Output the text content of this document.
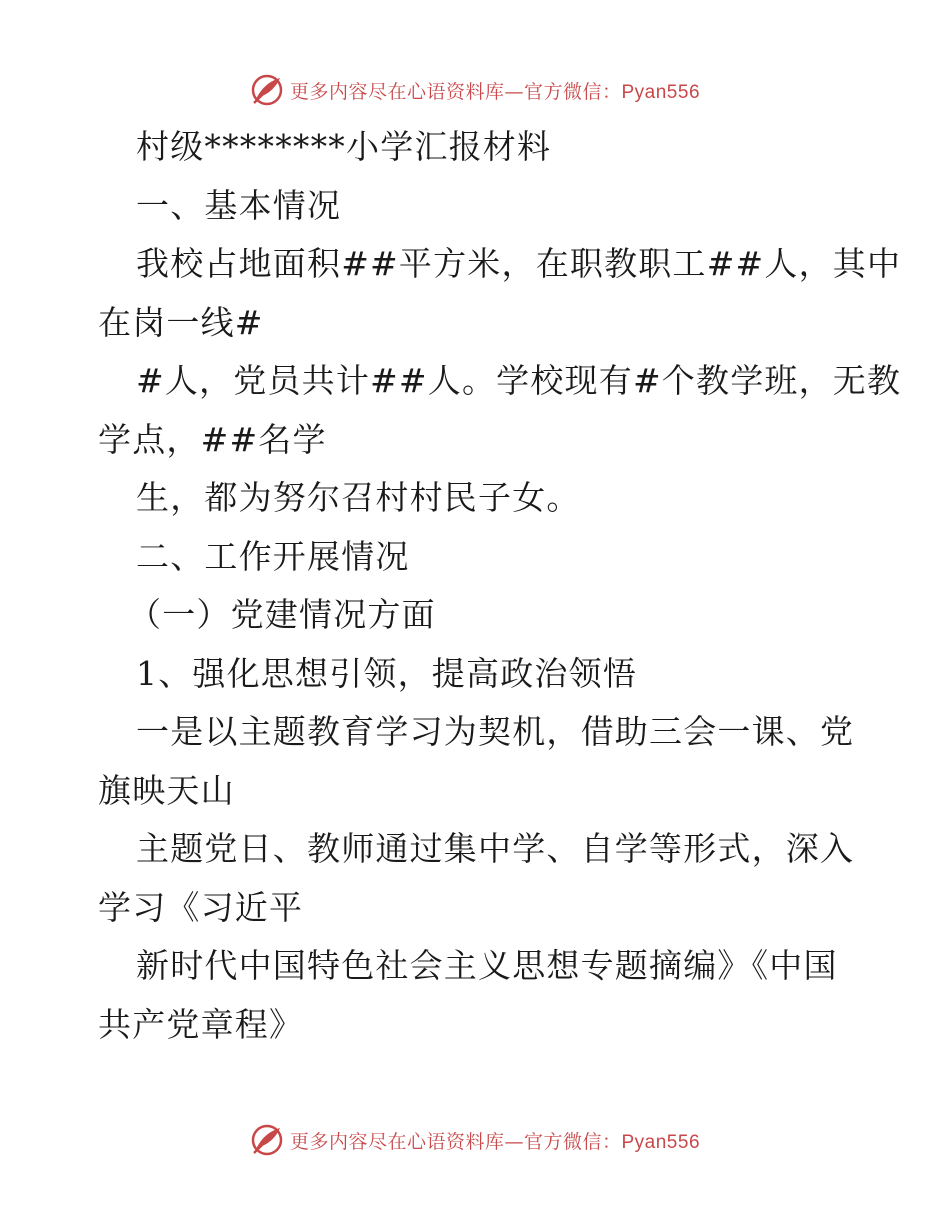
更多内容尽在心语资料库—官方微信：Pyan556
村级********小学汇报材料
一、基本情况
我校占地面积##平方米，在职教职工##人，其中
在岗一线#
#人，党员共计##人。学校现有#个教学班，无教
学点，##名学
生，都为努尔召村村民子女。
二、工作开展情况
（一）党建情况方面
1、强化思想引领，提高政治领悟
一是以主题教育学习为契机，借助三会一课、党
旗映天山
主题党日、教师通过集中学、自学等形式，深入
学习《习近平
新时代中国特色社会主义思想专题摘编》《中国
共产党章程》
更多内容尽在心语资料库—官方微信：Pyan556
